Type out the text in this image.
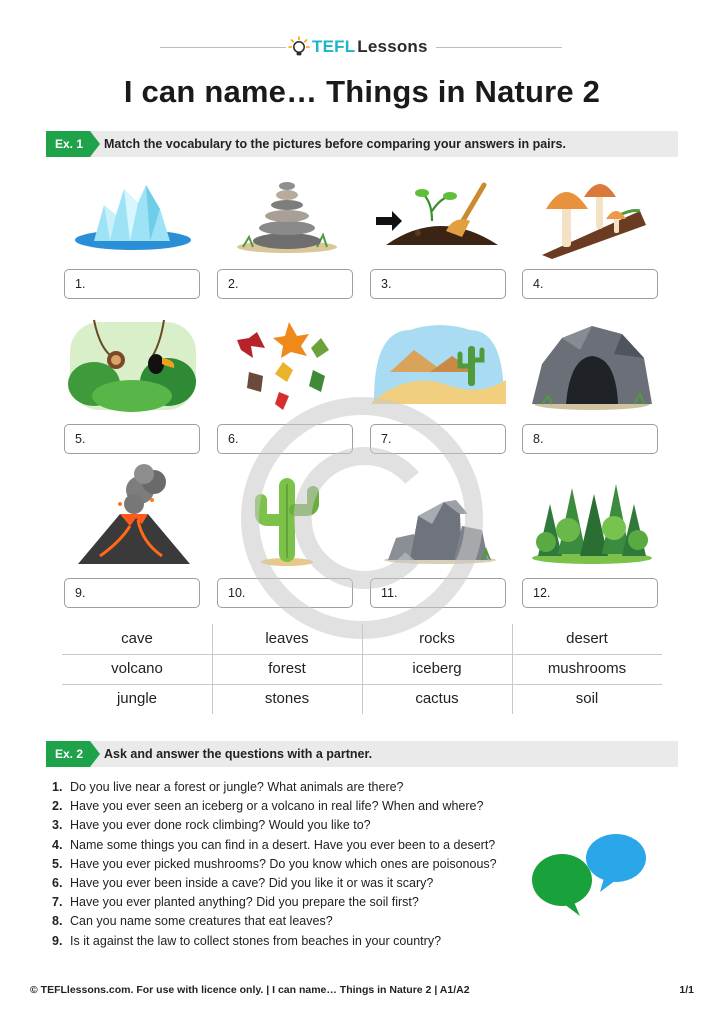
TEFL Lessons
I can name… Things in Nature 2
Ex. 1	Match the vocabulary to the pictures before comparing your answers in pairs.
1.	2.	3.	4.
5.	6.	7.	8.
9.	10.	11.	12.
cave	leaves	rocks	desert
volcano	forest	iceberg	mushrooms
jungle	stones	cactus	soil
Ex. 2	Ask and answer the questions with a partner.
1. Do you live near a forest or jungle? What animals are there?
2. Have you ever seen an iceberg or a volcano in real life? When and where?
3. Have you ever done rock climbing? Would you like to?
4. Name some things you can find in a desert. Have you ever been to a desert?
5. Have you ever picked mushrooms? Do you know which ones are poisonous?
6. Have you ever been inside a cave? Did you like it or was it scary?
7. Have you ever planted anything? Did you prepare the soil first?
8. Can you name some creatures that eat leaves?
9. Is it against the law to collect stones from beaches in your country?
© TEFLlessons.com. For use with licence only. | I can name… Things in Nature 2 | A1/A2	1/1
